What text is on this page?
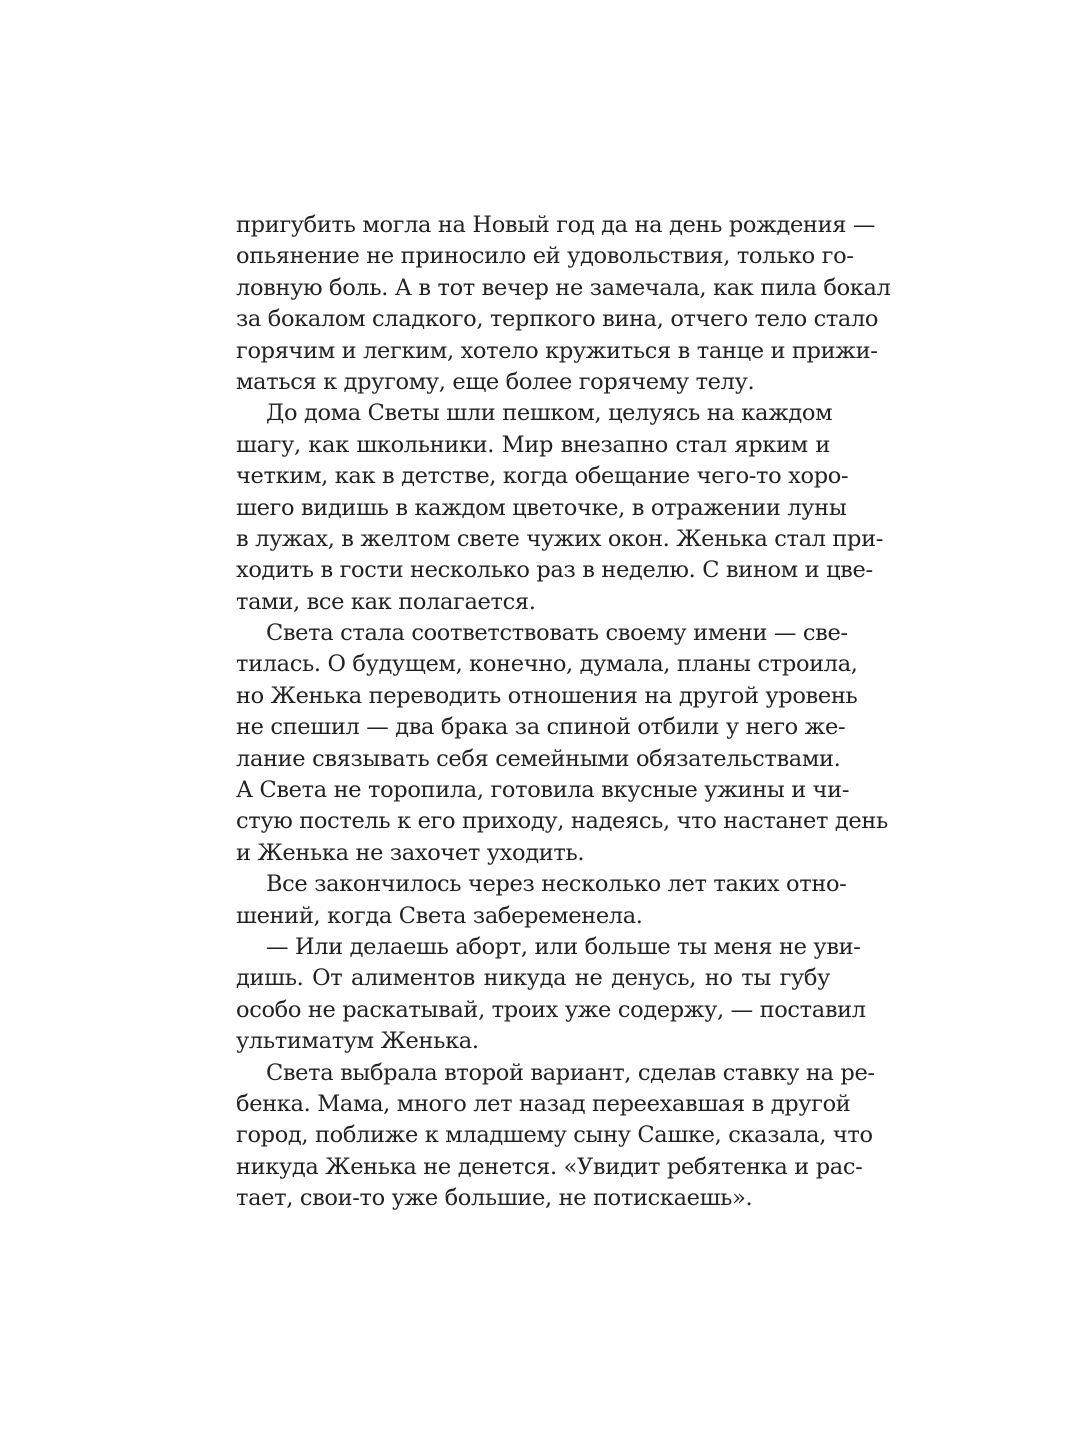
пригубить могла на Новый год да на день рождения —
опьянение не приносило ей удовольствия, только го-
ловную боль. А в тот вечер не замечала, как пила бокал
за бокалом сладкого, терпкого вина, отчего тело стало
горячим и легким, хотело кружиться в танце и прижи-
маться к другому, еще более горячему телу.
До дома Светы шли пешком, целуясь на каждом
шагу, как школьники. Мир внезапно стал ярким и
четким, как в детстве, когда обещание чего-то хоро-
шего видишь в каждом цветочке, в отражении луны
в лужах, в желтом свете чужих окон. Женька стал при-
ходить в гости несколько раз в неделю. С вином и цве-
тами, все как полагается.
Света стала соответствовать своему имени — све-
тилась. О будущем, конечно, думала, планы строила,
но Женька переводить отношения на другой уровень
не спешил — два брака за спиной отбили у него же-
лание связывать себя семейными обязательствами.
А Света не торопила, готовила вкусные ужины и чи-
стую постель к его приходу, надеясь, что настанет день
и Женька не захочет уходить.
Все закончилось через несколько лет таких отно-
шений, когда Света забеременела.
— Или делаешь аборт, или больше ты меня не уви-
дишь. От алиментов никуда не денусь, но ты губу
особо не раскатывай, троих уже содержу, — поставил
ультиматум Женька.
Света выбрала второй вариант, сделав ставку на ре-
бенка. Мама, много лет назад переехавшая в другой
город, поближе к младшему сыну Сашке, сказала, что
никуда Женька не денется. «Увидит ребятенка и рас-
тает, свои-то уже большие, не потискаешь».
